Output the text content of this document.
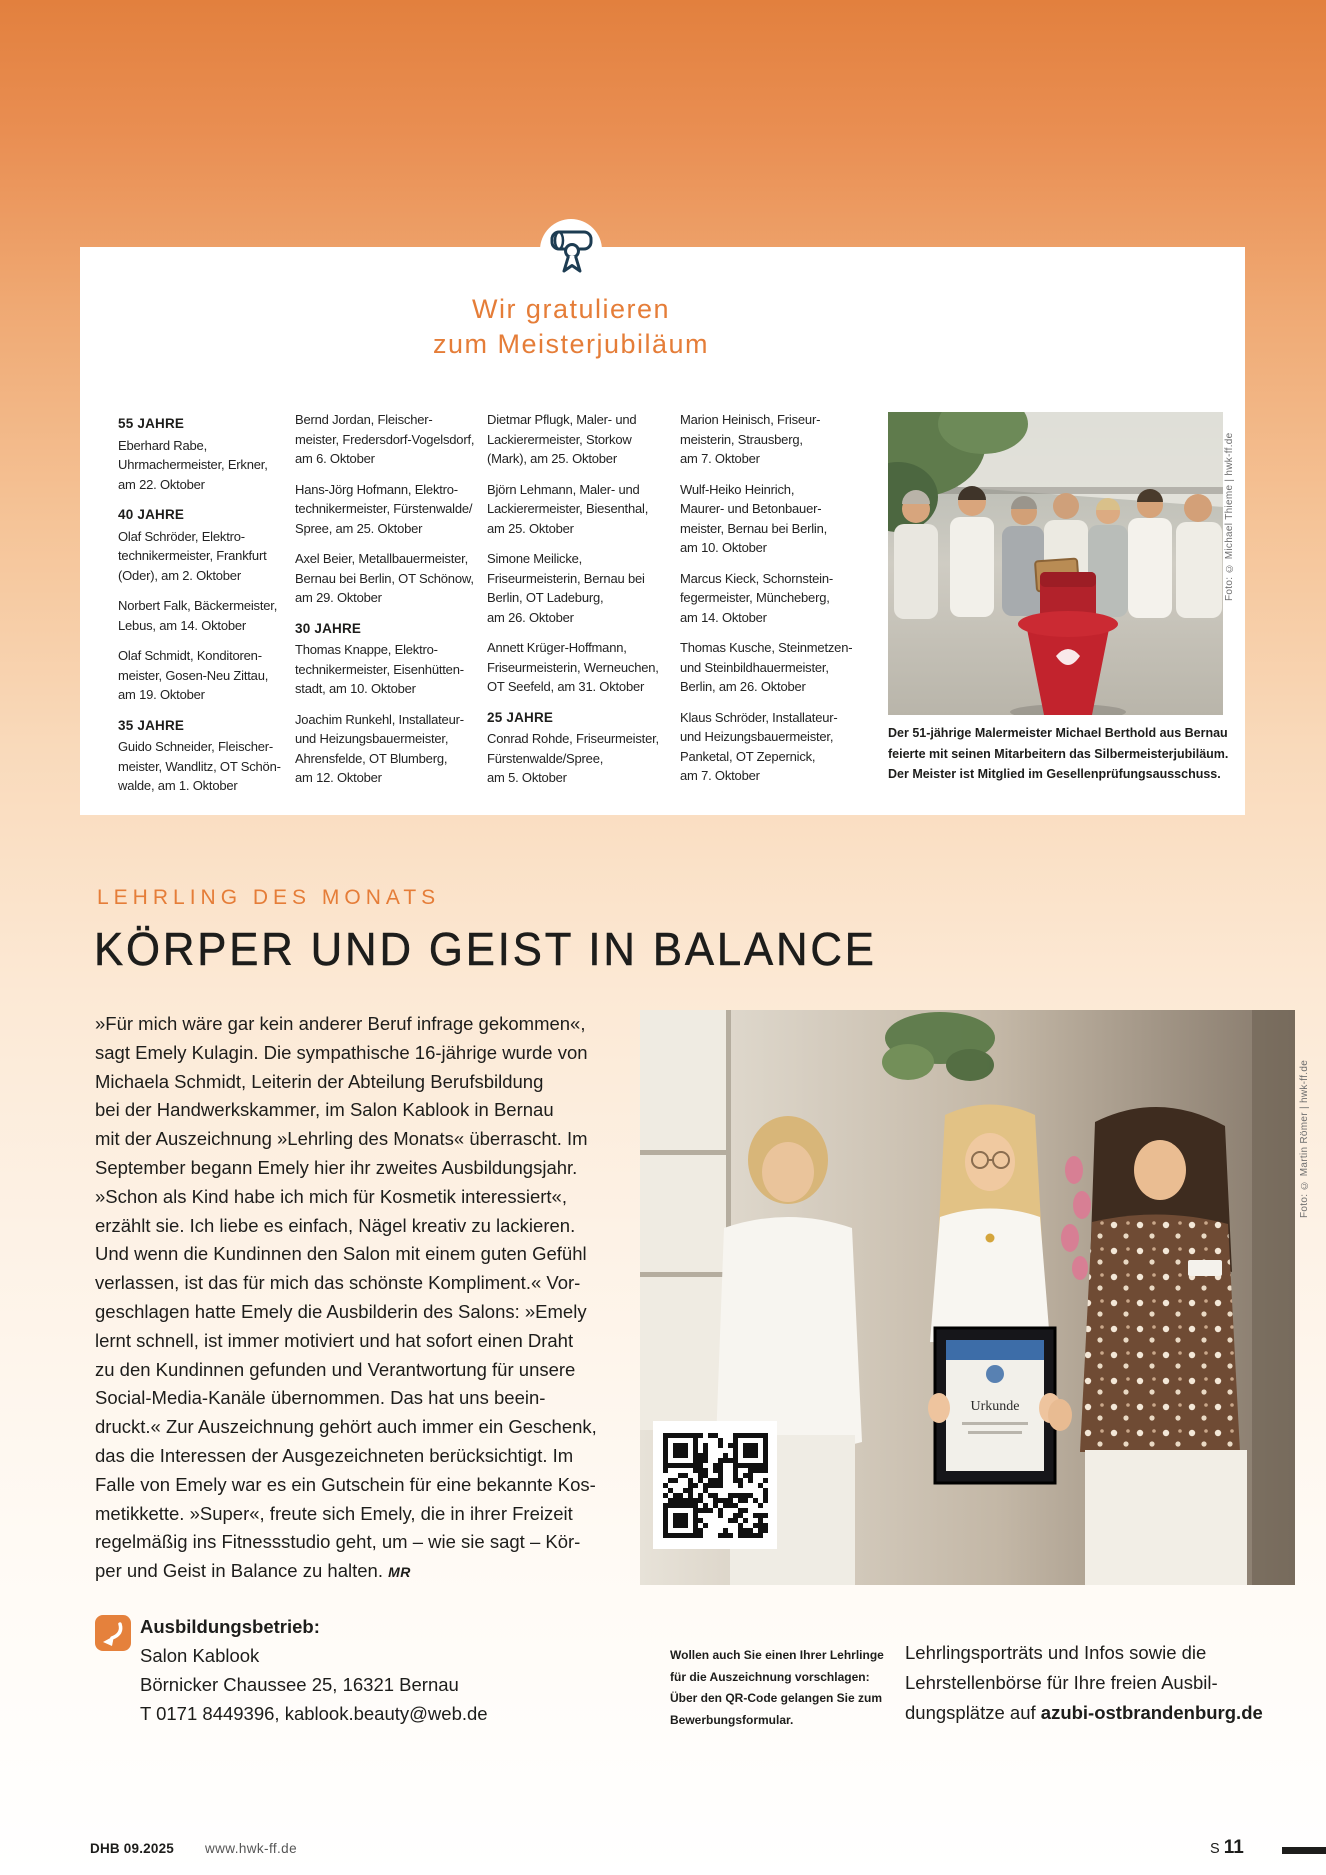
Wir gratulieren
zum Meisterjubiläum
55 JAHRE
Eberhard Rabe,
Uhrmachermeister, Erkner,
am 22. Oktober
40 JAHRE
Olaf Schröder, Elektro-
technikermeister, Frankfurt
(Oder), am 2. Oktober
Norbert Falk, Bäckermeister,
Lebus, am 14. Oktober
Olaf Schmidt, Konditoren-
meister, Gosen-Neu Zittau,
am 19. Oktober
35 JAHRE
Guido Schneider, Fleischer-
meister, Wandlitz, OT Schön-
walde, am 1. Oktober
Bernd Jordan, Fleischer-
meister, Fredersdorf-Vogelsdorf,
am 6. Oktober
Hans-Jörg Hofmann, Elektro-
technikermeister, Fürstenwalde/
Spree, am 25. Oktober
Axel Beier, Metallbauermeister,
Bernau bei Berlin, OT Schönow,
am 29. Oktober
30 JAHRE
Thomas Knappe, Elektro-
technikermeister, Eisenhütten-
stadt, am 10. Oktober
Joachim Runkehl, Installateur-
und Heizungsbauermeister,
Ahrensfelde, OT Blumberg,
am 12. Oktober
Dietmar Pflugk, Maler- und
Lackierermeister, Storkow
(Mark), am 25. Oktober
Björn Lehmann, Maler- und
Lackierermeister, Biesenthal,
am 25. Oktober
Simone Meilicke,
Friseurmeisterin, Bernau bei
Berlin, OT Ladeburg,
am 26. Oktober
Annett Krüger-Hoffmann,
Friseurmeisterin, Werneuchen,
OT Seefeld, am 31. Oktober
25 JAHRE
Conrad Rohde, Friseurmeister,
Fürstenwalde/Spree,
am 5. Oktober
Marion Heinisch, Friseur-
meisterin, Strausberg,
am 7. Oktober
Wulf-Heiko Heinrich,
Maurer- und Betonbauer-
meister, Bernau bei Berlin,
am 10. Oktober
Marcus Kieck, Schornstein-
fegermeister, Müncheberg,
am 14. Oktober
Thomas Kusche, Steinmetzen-
und Steinbildhauermeister,
Berlin, am 26. Oktober
Klaus Schröder, Installateur-
und Heizungsbauermeister,
Panketal, OT Zepernick,
am 7. Oktober
Der 51-jährige Malermeister Michael Berthold aus Bernau
feierte mit seinen Mitarbeitern das Silbermeisterjubiläum.
Der Meister ist Mitglied im Gesellenprüfungsausschuss.
Foto: © Michael Thieme | hwk-ff.de
LEHRLING DES MONATS
KÖRPER UND GEIST IN BALANCE
»Für mich wäre gar kein anderer Beruf infrage gekommen«,
sagt Emely Kulagin. Die sympathische 16-jährige wurde von
Michaela Schmidt, Leiterin der Abteilung Berufsbildung
bei der Handwerkskammer, im Salon Kablook in Bernau
mit der Auszeichnung »Lehrling des Monats« überrascht. Im
September begann Emely hier ihr zweites Ausbildungsjahr.
»Schon als Kind habe ich mich für Kosmetik interessiert«,
erzählt sie. Ich liebe es einfach, Nägel kreativ zu lackieren.
Und wenn die Kundinnen den Salon mit einem guten Gefühl
verlassen, ist das für mich das schönste Kompliment.« Vor-
geschlagen hatte Emely die Ausbilderin des Salons: »Emely
lernt schnell, ist immer motiviert und hat sofort einen Draht
zu den Kundinnen gefunden und Verantwortung für unsere
Social-Media-Kanäle übernommen. Das hat uns beein-
druckt.« Zur Auszeichnung gehört auch immer ein Geschenk,
das die Interessen der Ausgezeichneten berücksichtigt. Im
Falle von Emely war es ein Gutschein für eine bekannte Kos-
metikkette. »Super«, freute sich Emely, die in ihrer Freizeit
regelmäßig ins Fitnessstudio geht, um – wie sie sagt – Kör-
per und Geist in Balance zu halten. MR
Urkunde
Foto: © Martin Römer | hwk-ff.de
Ausbildungsbetrieb:
Salon Kablook
Börnicker Chaussee 25, 16321 Bernau
T 0171 8449396, kablook.beauty@web.de
Wollen auch Sie einen Ihrer Lehrlinge
für die Auszeichnung vorschlagen:
Über den QR-Code gelangen Sie zum
Bewerbungsformular.
Lehrlingsporträts und Infos sowie die
Lehrstellenbörse für Ihre freien Ausbil-
dungsplätze auf azubi-ostbrandenburg.de
DHB 09.2025 www.hwk-ff.de	S 11
